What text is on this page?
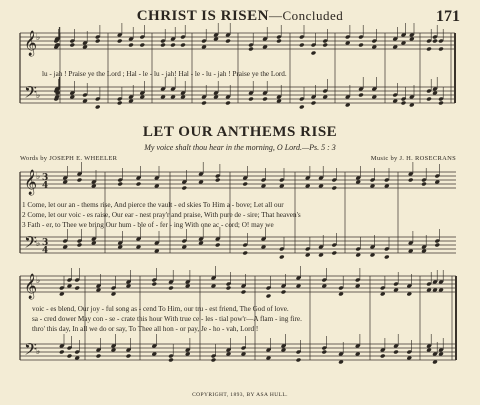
𝄞
𝄢
𝄞
𝄢
𝄞
𝄢
♭
♭
♭
♭
♭
♭
3
4
3
4
CHRIST IS RISEN—Concluded	171
lu - jah ! Praise ye the Lord ; Hal - le - lu - jah! Hal - le - lu - jah ! Praise ye the Lord.
LET OUR ANTHEMS RISE
My voice shalt thou hear in the morning, O Lord.—Ps. 5 : 3
Words by JOSEPH E. WHEELER	Music by J. H. ROSECRANS
1 Come, let our an - thems rise, And pierce the vault - ed skies To Him a - bove; Let all our
2 Come, let our voic - es raise, Our ear - nest pray'r and praise, With pure de - sire; That heaven's
3 Fath - er, to Thee we bring Our hum - ble of - fer - ing With one ac - cord; O! may we
voic - es blend, Our joy - ful song as - cend To Him, our tru - est friend, The God of love.
sa - cred dower May con - se - crate this hour With true ce - les - tial pow'r—A flam - ing fire.
thro' this day, In all we do or say, To Thee all hon - or pay, Je - ho - vah, Lord !
COPYRIGHT, 1893, BY ASA HULL.
